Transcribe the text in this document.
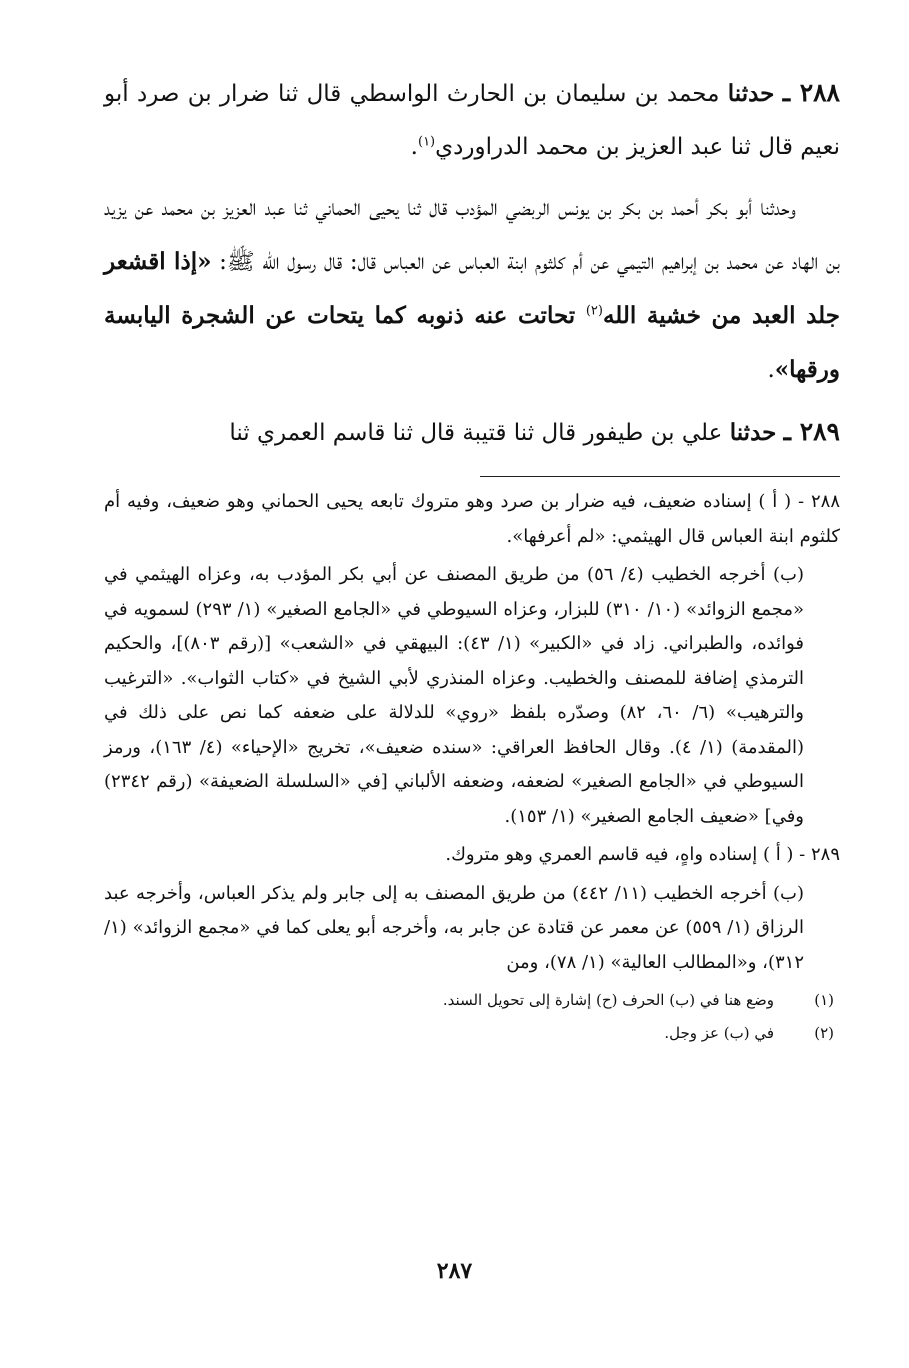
٢٨٨ ـ حدثنا محمد بن سليمان بن الحارث الواسطي قال ثنا ضرار بن صرد أبو نعيم قال ثنا عبد العزيز بن محمد الدراوردي$^{(١)}$.

وحدثنا أبو بكر أحمد بن بكر بن يونس الربضي المؤدب قال ثنا يحيى الحماني ثنا عبد العزيز بن محمد عن يزيد بن الهاد عن محمد بن إبراهيم التيمي عن أم كلثوم ابنة العباس عن العباس قال: قال رسول الله ﷺ: «إذا اقشعر جلد العبد من خشية الله$^{(٢)}$ تحاتت عنه ذنوبه كما يتحات عن الشجرة اليابسة ورقها».

٢٨٩ ـ حدثنا علي بن طيفور قال ثنا قتيبة قال ثنا قاسم العمري ثنا

٢٨٨ - ( أ ) إسناده ضعيف، فيه ضرار بن صرد وهو متروك تابعه يحيى الحماني وهو ضعيف، وفيه أم كلثوم ابنة العباس قال الهيثمي: «لم أعرفها».

(ب) أخرجه الخطيب (٤/ ٥٦) من طريق المصنف عن أبي بكر المؤدب به، وعزاه الهيثمي في «مجمع الزوائد» (١٠/ ٣١٠) للبزار، وعزاه السيوطي في «الجامع الصغير» (١/ ٢٩٣) لسمويه في فوائده، والطبراني. زاد في «الكبير» (١/ ٤٣): البيهقي في «الشعب» [(رقم ٨٠٣)]، والحكيم الترمذي إضافة للمصنف والخطيب. وعزاه المنذري لأبي الشيخ في «كتاب الثواب». «الترغيب والترهيب» (٦/ ٦٠، ٨٢) وصدّره بلفظ «روي» للدلالة على ضعفه كما نص على ذلك في (المقدمة) (١/ ٤). وقال الحافظ العراقي: «سنده ضعيف»، تخريج «الإحياء» (٤/ ١٦٣)، ورمز السيوطي في «الجامع الصغير» لضعفه، وضعفه الألباني [في «السلسلة الضعيفة» (رقم ٢٣٤٢) وفي] «ضعيف الجامع الصغير» (١/ ١٥٣).

٢٨٩ - ( أ ) إسناده واهٍ، فيه قاسم العمري وهو متروك.

(ب) أخرجه الخطيب (١١/ ٤٤٢) من طريق المصنف به إلى جابر ولم يذكر العباس، وأخرجه عبد الرزاق (١/ ٥٥٩) عن معمر عن قتادة عن جابر به، وأخرجه أبو يعلى كما في «مجمع الزوائد» (١/ ٣١٢)، و«المطالب العالية» (١/ ٧٨)، ومن

(١)
وضع هنا في (ب) الحرف (ح) إشارة إلى تحويل السند.
(٢)
في (ب) عز وجل.
٢٨٧
